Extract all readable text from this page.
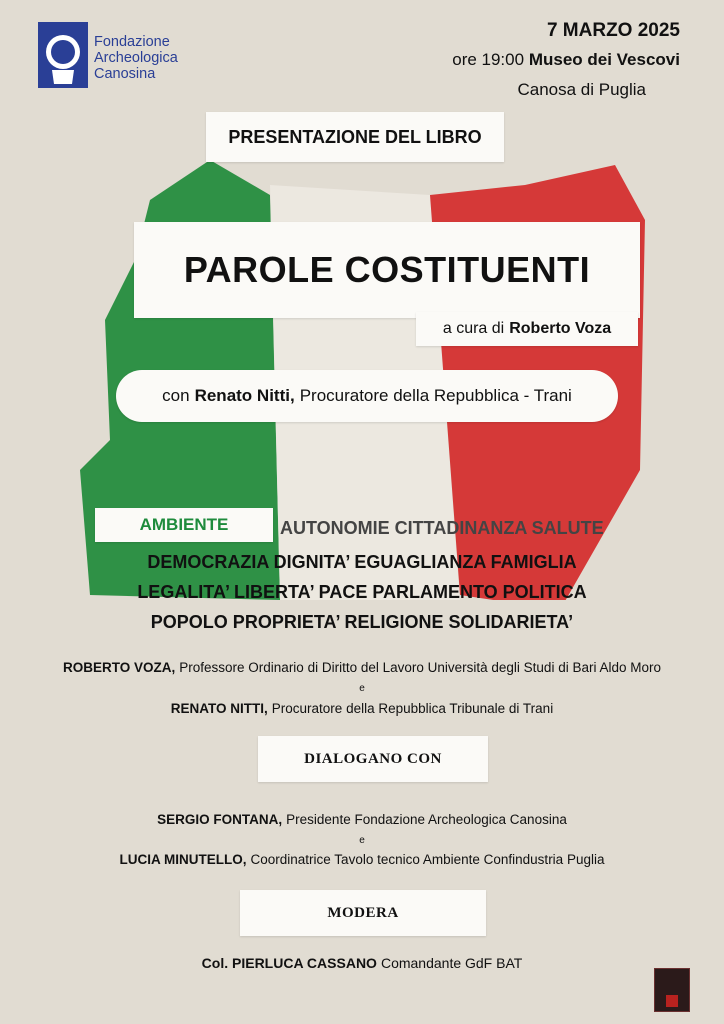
Fondazione
Archeologica
Canosina
7 MARZO 2025
ore 19:00 Museo dei Vescovi
Canosa di Puglia
PRESENTAZIONE DEL LIBRO
PAROLE COSTITUENTI
a cura di Roberto Voza
con Renato Nitti, Procuratore della Repubblica - Trani
AMBIENTE	AUTONOMIE CITTADINANZA SALUTE
DEMOCRAZIA DIGNITA’ EGUAGLIANZA FAMIGLIA
LEGALITA’ LIBERTA’ PACE PARLAMENTO POLITICA
POPOLO PROPRIETA’ RELIGIONE SOLIDARIETA’
ROBERTO VOZA, Professore Ordinario di Diritto del Lavoro Università degli Studi di Bari Aldo Moro
e
RENATO NITTI, Procuratore della Repubblica Tribunale di Trani
DIALOGANO CON
SERGIO FONTANA, Presidente Fondazione Archeologica Canosina
e
LUCIA MINUTELLO, Coordinatrice Tavolo tecnico Ambiente Confindustria Puglia
MODERA
Col. PIERLUCA CASSANO Comandante GdF BAT
